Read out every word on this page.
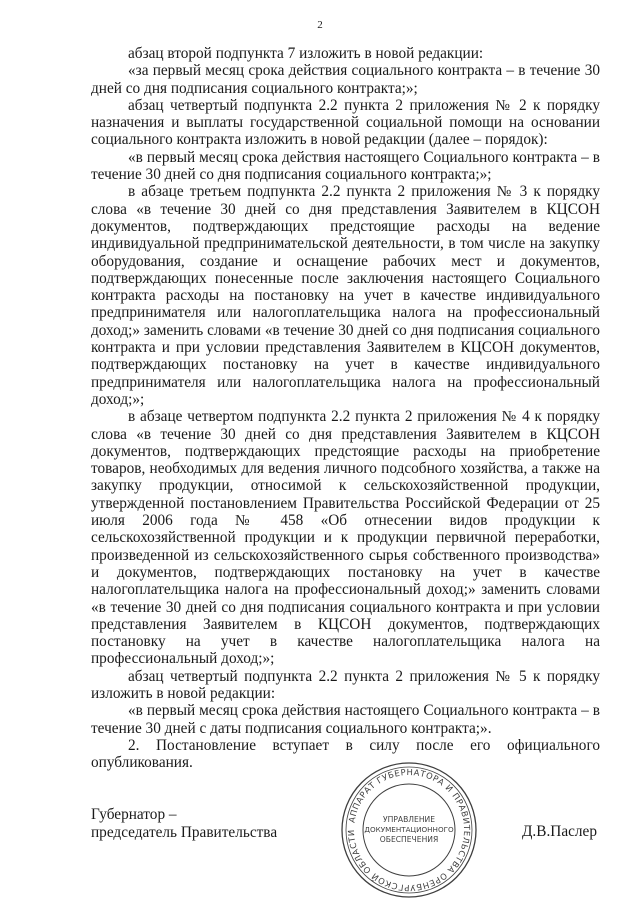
2

абзац второй подпункта 7 изложить в новой редакции:

«за первый месяц срока действия социального контракта – в течение 30 дней со дня подписания социального контракта;»;

абзац четвертый подпункта 2.2 пункта 2 приложения № 2 к порядку назначения и выплаты государственной социальной помощи на основании социального контракта изложить в новой редакции (далее – порядок):

«в первый месяц срока действия настоящего Социального контракта – в течение 30 дней со дня подписания социального контракта;»;

в абзаце третьем подпункта 2.2 пункта 2 приложения № 3 к порядку слова «в течение 30 дней со дня представления Заявителем в КЦСОН документов, подтверждающих предстоящие расходы на ведение индивидуальной предпринимательской деятельности, в том числе на закупку оборудования, создание и оснащение рабочих мест и документов, подтверждающих понесенные после заключения настоящего Социального контракта расходы на постановку на учет в качестве индивидуального предпринимателя или налогоплательщика налога на профессиональный доход;» заменить словами «в течение 30 дней со дня подписания социального контракта и при условии представления Заявителем в КЦСОН документов, подтверждающих постановку на учет в качестве индивидуального предпринимателя или налогоплательщика налога на профессиональный доход;»;

в абзаце четвертом подпункта 2.2 пункта 2 приложения № 4 к порядку слова «в течение 30 дней со дня представления Заявителем в КЦСОН документов, подтверждающих предстоящие расходы на приобретение товаров, необходимых для ведения личного подсобного хозяйства, а также на закупку продукции, относимой к сельскохозяйственной продукции, утвержденной постановлением Правительства Российской Федерации от 25 июля 2006 года № 458 «Об отнесении видов продукции к сельскохозяйственной продукции и к продукции первичной переработки, произведенной из сельскохозяйственного сырья собственного производства» и документов, подтверждающих постановку на учет в качестве налогоплательщика налога на профессиональный доход;» заменить словами «в течение 30 дней со дня подписания социального контракта и при условии представления Заявителем в КЦСОН документов, подтверждающих постановку на учет в качестве налогоплательщика налога на профессиональный доход;»;

абзац четвертый подпункта 2.2 пункта 2 приложения № 5 к порядку изложить в новой редакции:

«в первый месяц срока действия настоящего Социального контракта – в течение 30 дней с даты подписания социального контракта;».

2. Постановление вступает в силу после его официального опубликования.

Губернатор –
председатель Правительства	Д.В.Паслер
АППАРАТ ГУБЕРНАТОРА И ПРАВИТЕЛЬСТВА ОРЕНБУРГСКОЙ ОБЛАСТИ
УПРАВЛЕНИЕ
ДОКУМЕНТАЦИОННОГО
ОБЕСПЕЧЕНИЯ
